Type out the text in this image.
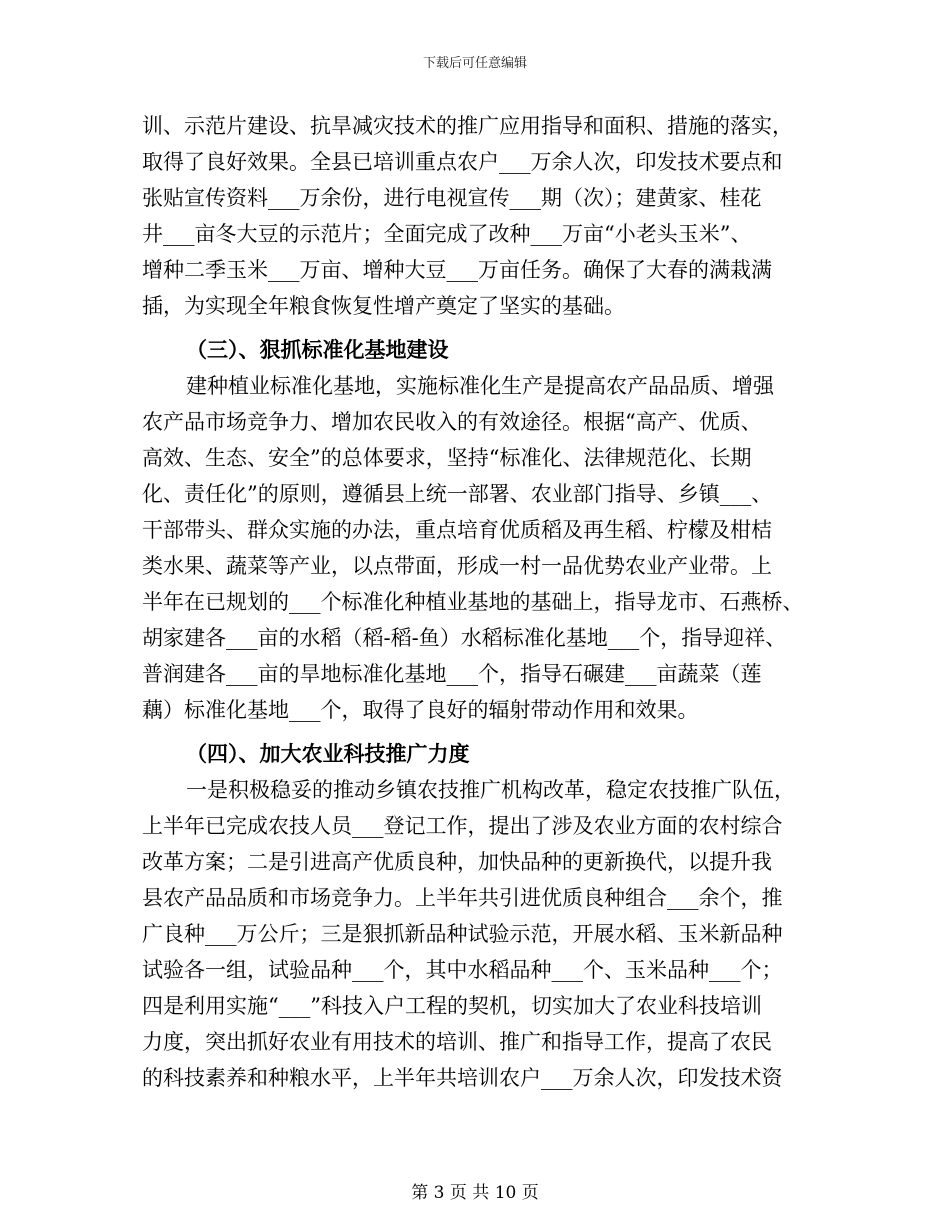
下载后可任意编辑
训、示范片建设、抗旱减灾技术的推广应用指导和面积、措施的落实，
取得了良好效果。全县已培训重点农户___万余人次，印发技术要点和
张贴宣传资料___万余份，进行电视宣传___期（次）；建黄家、桂花
井___亩冬大豆的示范片；全面完成了改种___万亩“小老头玉米”、
增种二季玉米___万亩、增种大豆___万亩任务。确保了大春的满栽满
插，为实现全年粮食恢复性增产奠定了坚实的基础。
（三）、狠抓标准化基地建设
建种植业标准化基地，实施标准化生产是提高农产品品质、增强
农产品市场竞争力、增加农民收入的有效途径。根据“高产、优质、
高效、生态、安全”的总体要求，坚持“标准化、法律规范化、长期
化、责任化”的原则，遵循县上统一部署、农业部门指导、乡镇___、
干部带头、群众实施的办法，重点培育优质稻及再生稻、柠檬及柑桔
类水果、蔬菜等产业，以点带面，形成一村一品优势农业产业带。上
半年在已规划的___个标准化种植业基地的基础上，指导龙市、石燕桥、
胡家建各___亩的水稻（稻-稻-鱼）水稻标准化基地___个，指导迎祥、
普润建各___亩的旱地标准化基地___个，指导石碾建___亩蔬菜（莲
藕）标准化基地___个，取得了良好的辐射带动作用和效果。
（四）、加大农业科技推广力度
一是积极稳妥的推动乡镇农技推广机构改革，稳定农技推广队伍，
上半年已完成农技人员___登记工作，提出了涉及农业方面的农村综合
改革方案；二是引进高产优质良种，加快品种的更新换代，以提升我
县农产品品质和市场竞争力。上半年共引进优质良种组合___余个，推
广良种___万公斤；三是狠抓新品种试验示范，开展水稻、玉米新品种
试验各一组，试验品种___个，其中水稻品种___个、玉米品种___个；
四是利用实施“___”科技入户工程的契机，切实加大了农业科技培训
力度，突出抓好农业有用技术的培训、推广和指导工作，提高了农民
的科技素养和种粮水平，上半年共培训农户___万余人次，印发技术资
第 3 页 共 10 页
